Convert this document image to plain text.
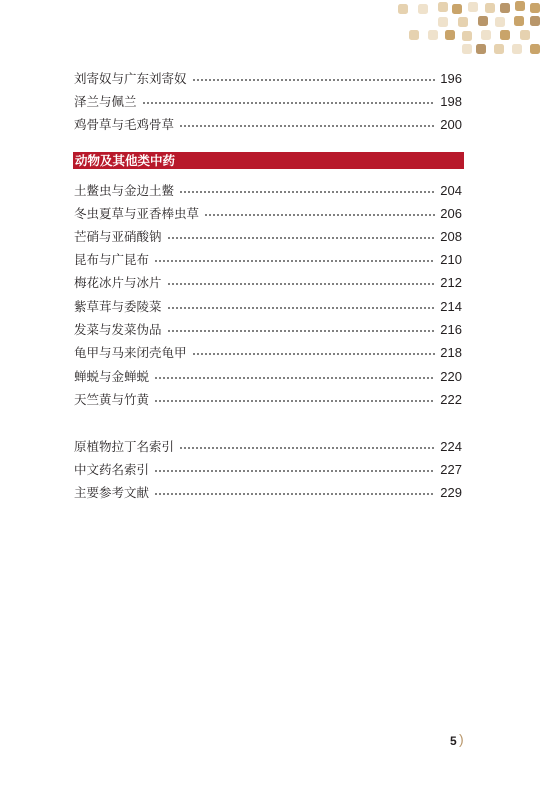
刘寄奴与广东刘寄奴	196
泽兰与佩兰	198
鸡骨草与毛鸡骨草	200
动物及其他类中药
土鳖虫与金边土鳖	204
冬虫夏草与亚香棒虫草	206
芒硝与亚硝酸钠	208
昆布与广昆布	210
梅花冰片与冰片	212
紫草茸与委陵菜	214
发菜与发菜伪品	216
龟甲与马来闭壳龟甲	218
蝉蜕与金蝉蜕	220
天竺黄与竹黄	222
原植物拉丁名索引	224
中文药名索引	227
主要参考文献	229
5 )
